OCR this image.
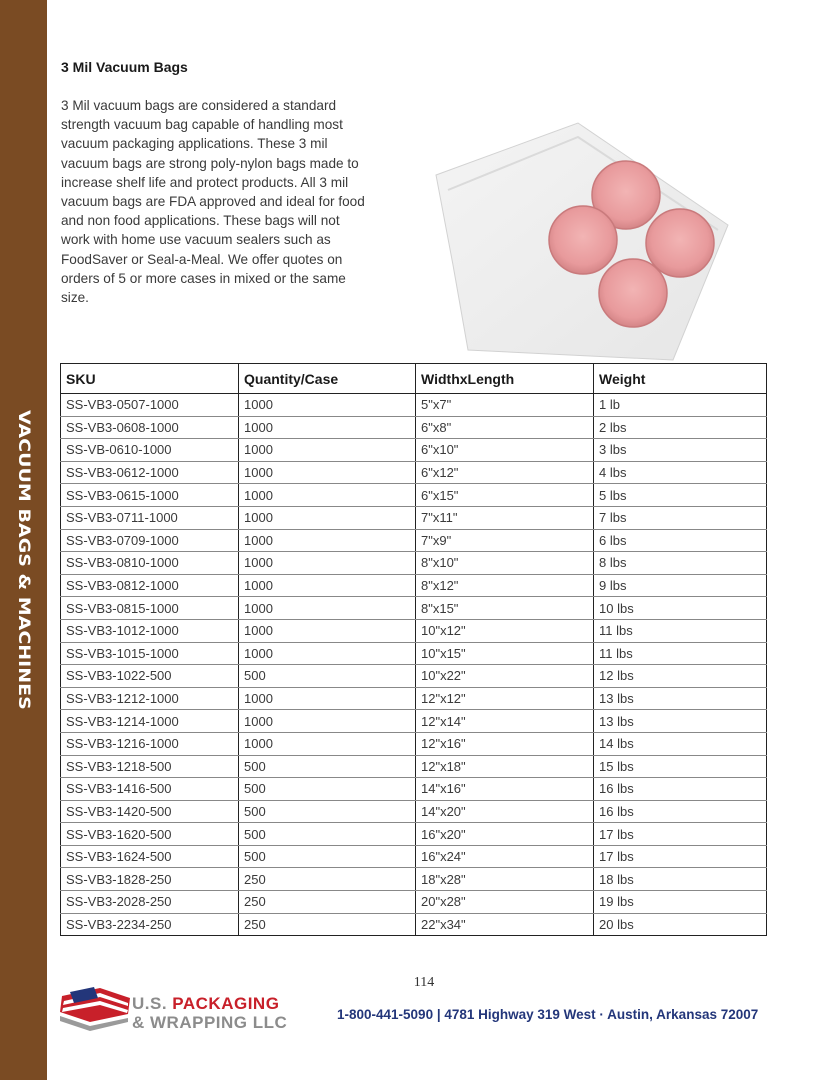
VACUUM BAGS & MACHINES
3 Mil Vacuum Bags

3 Mil vacuum bags are considered a standard strength vacuum bag capable of handling most vacuum packaging applications. These 3 mil vacuum bags are strong poly-nylon bags made to increase shelf life and protect products. All 3 mil vacuum bags are FDA approved and ideal for food and non food applications. These bags will not work with home use vacuum sealers such as FoodSaver or Seal-a-Meal. We offer quotes on orders of 5 or more cases in mixed or the same size.

SKU	Quantity/Case	WidthxLength	Weight
SS-VB3-0507-1000	1000	5"x7"	1 lb
SS-VB3-0608-1000	1000	6"x8"	2 lbs
SS-VB-0610-1000	1000	6"x10"	3 lbs
SS-VB3-0612-1000	1000	6"x12"	4 lbs
SS-VB3-0615-1000	1000	6"x15"	5 lbs
SS-VB3-0711-1000	1000	7"x11"	7 lbs
SS-VB3-0709-1000	1000	7"x9"	6 lbs
SS-VB3-0810-1000	1000	8"x10"	8 lbs
SS-VB3-0812-1000	1000	8"x12"	9 lbs
SS-VB3-0815-1000	1000	8"x15"	10 lbs
SS-VB3-1012-1000	1000	10"x12"	11 lbs
SS-VB3-1015-1000	1000	10"x15"	11 lbs
SS-VB3-1022-500	500	10"x22"	12 lbs
SS-VB3-1212-1000	1000	12"x12"	13 lbs
SS-VB3-1214-1000	1000	12"x14"	13 lbs
SS-VB3-1216-1000	1000	12"x16"	14 lbs
SS-VB3-1218-500	500	12"x18"	15 lbs
SS-VB3-1416-500	500	14"x16"	16 lbs
SS-VB3-1420-500	500	14"x20"	16 lbs
SS-VB3-1620-500	500	16"x20"	17 lbs
SS-VB3-1624-500	500	16"x24"	17 lbs
SS-VB3-1828-250	250	18"x28"	18 lbs
SS-VB3-2028-250	250	20"x28"	19 lbs
SS-VB3-2234-250	250	22"x34"	20 lbs
114
U.S. PACKAGING
& WRAPPING LLC	1-800-441-5090 | 4781 Highway 319 West · Austin, Arkansas 72007
